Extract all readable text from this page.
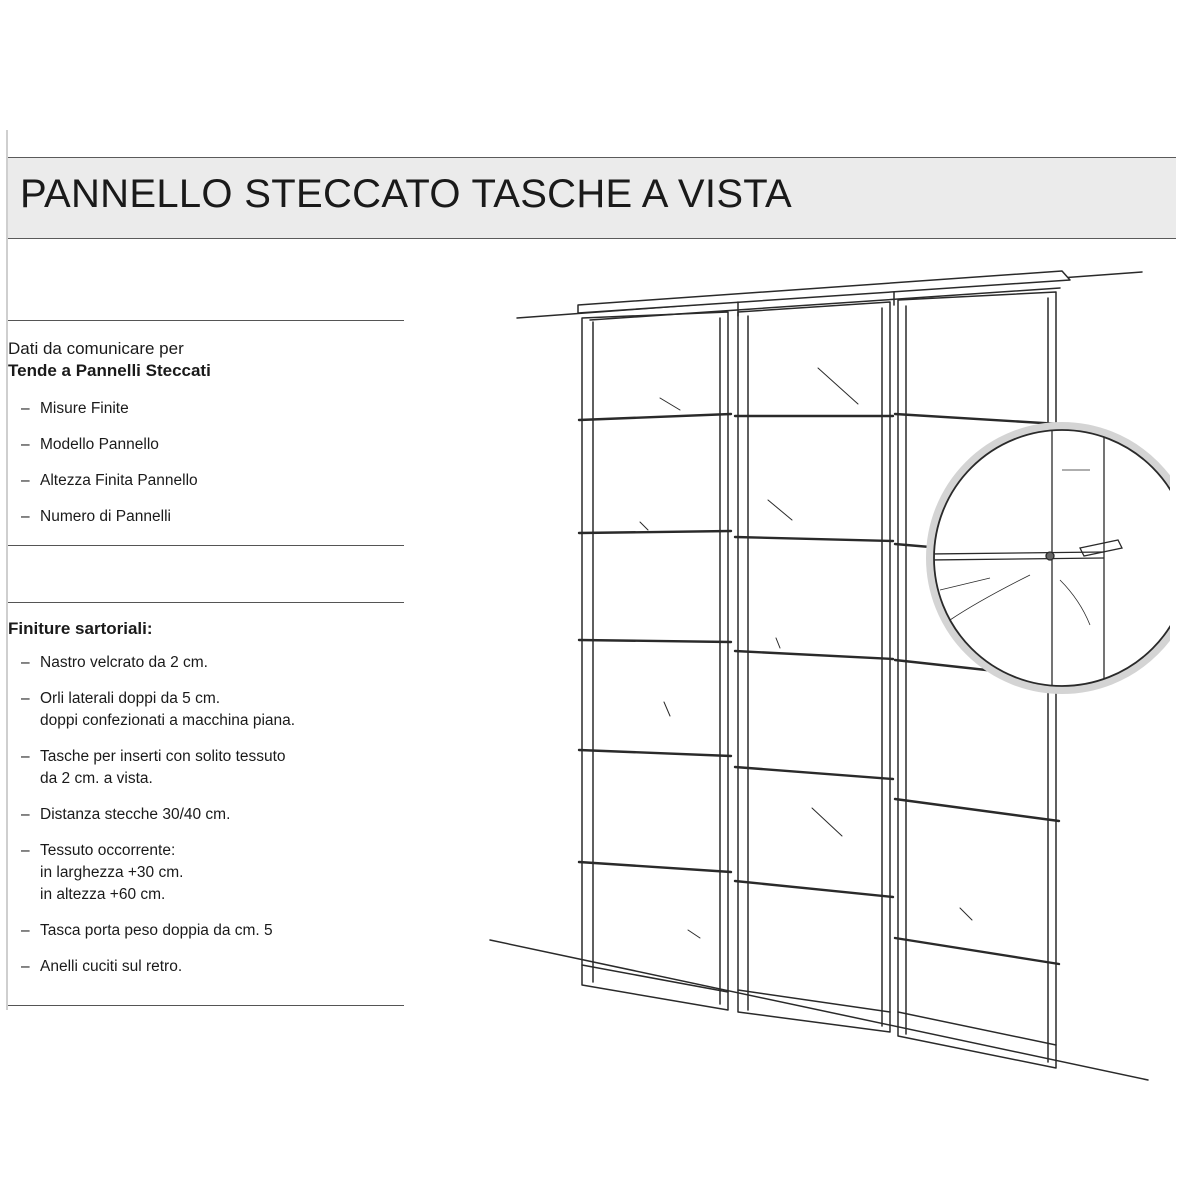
PANNELLO STECCATO TASCHE A VISTA

Dati da comunicare per

Tende a Pannelli Steccati

– Misure Finite
– Modello Pannello
– Altezza Finita Pannello
– Numero di Pannelli

Finiture sartoriali:

– Nastro velcrato da 2 cm.
– Orli laterali doppi da 5 cm.
doppi confezionati a macchina piana.
– Tasche per inserti con solito tessuto
da 2 cm. a vista.
– Distanza stecche 30/40 cm.
– Tessuto occorrente:
in larghezza +30 cm.
in altezza +60 cm.
– Tasca porta peso doppia da cm. 5
– Anelli cuciti sul retro.
